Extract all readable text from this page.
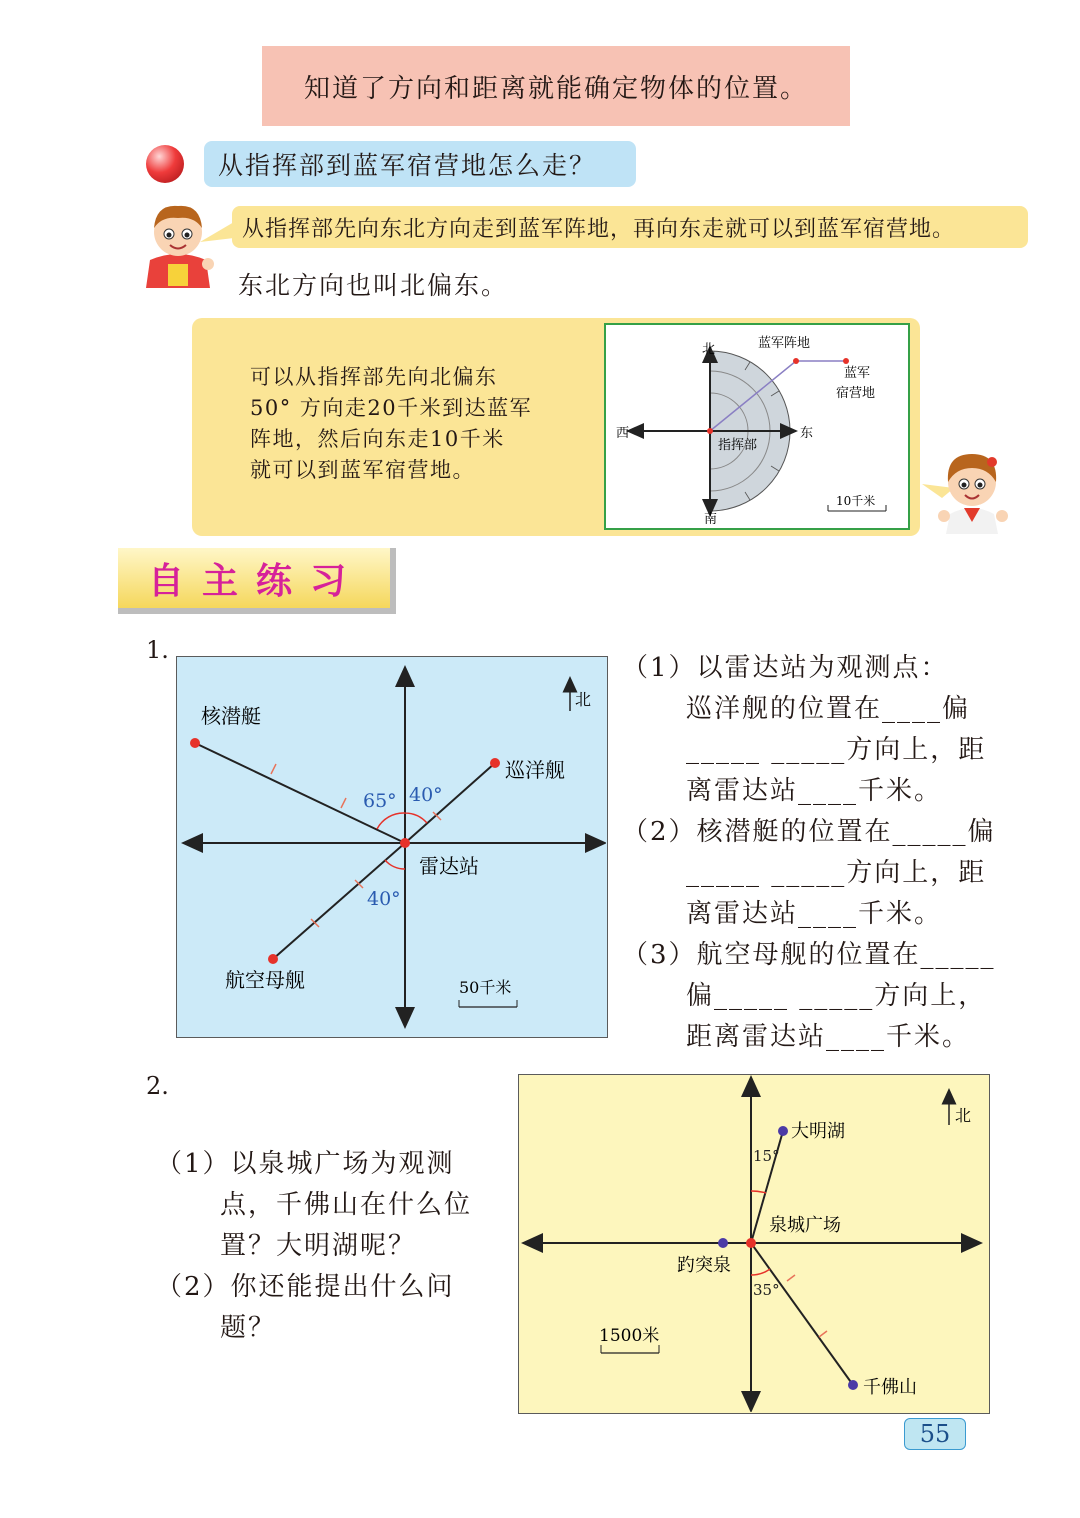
知道了方向和距离就能确定物体的位置。
从指挥部到蓝军宿营地怎么走？
从指挥部先向东北方向走到蓝军阵地，再向东走就可以到蓝军宿营地。
东北方向也叫北偏东。
可以从指挥部先向北偏东
50° 方向走20千米到达蓝军
阵地，然后向东走10千米
就可以到蓝军宿营地。
北
南
东
西
蓝军阵地
蓝军
宿营地
指挥部
10千米
自主练习
1.
北
核潜艇
巡洋舰
雷达站
航空母舰
65° 40°
40°
50千米
（1）以雷达站为观测点：
巡洋舰的位置在____偏
_____ _____方向上，距
离雷达站____千米。
（2）核潜艇的位置在_____偏
_____ _____方向上，距
离雷达站____千米。
（3）航空母舰的位置在_____
偏_____ _____方向上，
距离雷达站____千米。
2.
（1）以泉城广场为观测
点，千佛山在什么位
置？大明湖呢？
（2）你还能提出什么问
题？
北
大明湖
泉城广场
趵突泉
千佛山
15°
35°
1500米
55
